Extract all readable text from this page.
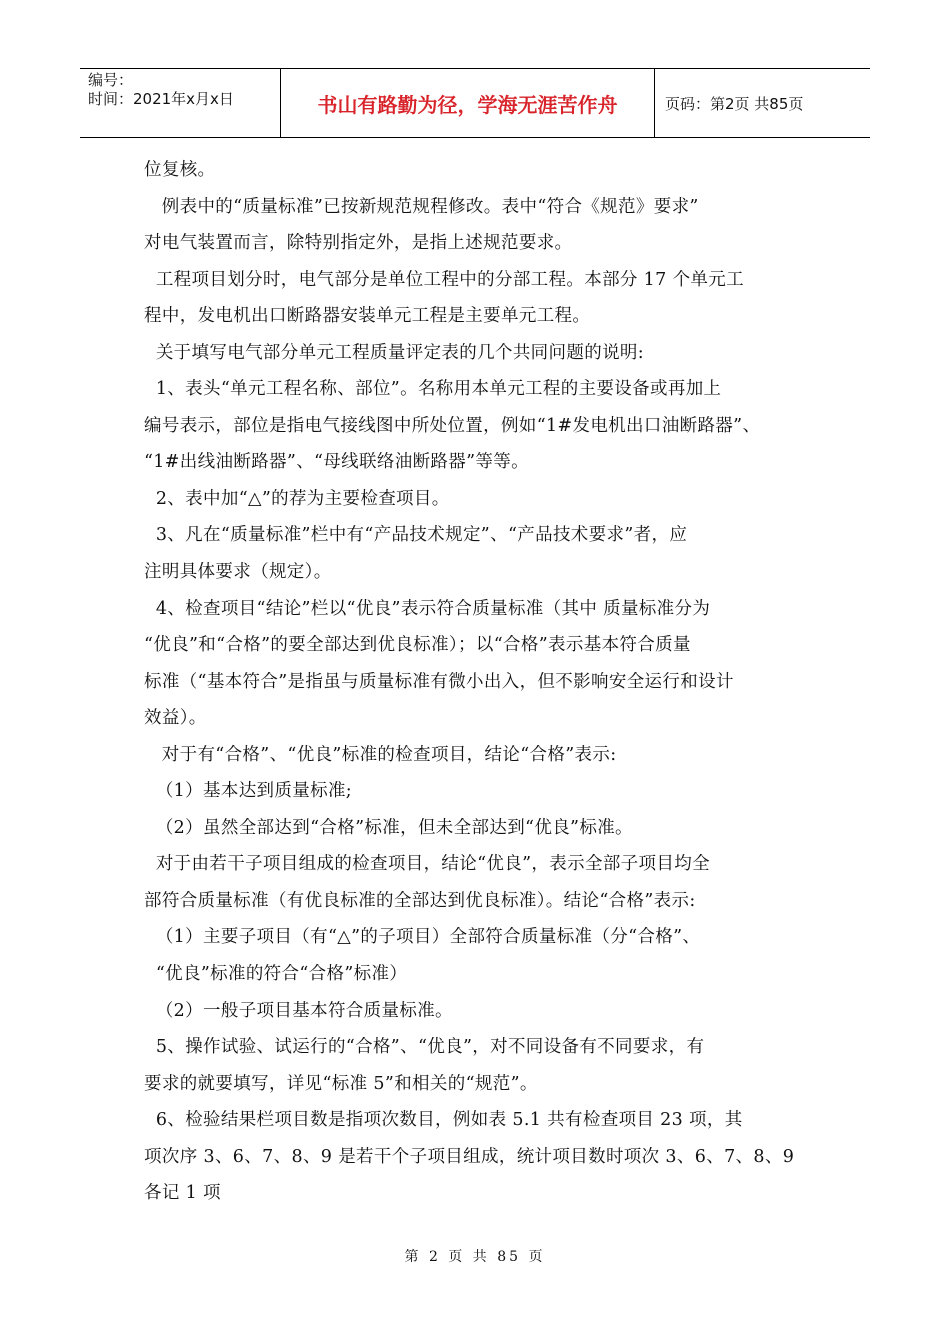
编号：
时间：2021年x月x日	书山有路勤为径，学海无涯苦作舟	页码：第2页 共85页
位复核。
例表中的“质量标准”已按新规范规程修改。表中“符合《规范》要求”
对电气装置而言，除特别指定外，是指上述规范要求。
工程项目划分时，电气部分是单位工程中的分部工程。本部分 17 个单元工
程中，发电机出口断路器安装单元工程是主要单元工程。
关于填写电气部分单元工程质量评定表的几个共同问题的说明:
1、表头“单元工程名称、部位”。名称用本单元工程的主要设备或再加上
编号表示，部位是指电气接线图中所处位置，例如“1#发电机出口油断路器”、
“1#出线油断路器”、“母线联络油断路器”等等。
2、表中加“△”的荐为主要检查项目。
3、凡在“质量标准”栏中有“产品技术规定”、“产品技术要求”者，应
注明具体要求（规定）。
4、检查项目“结论”栏以“优良”表示符合质量标准（其中 质量标准分为
“优良”和“合格”的要全部达到优良标准）；以“合格”表示基本符合质量
标准（“基本符合”是指虽与质量标准有微小出入，但不影响安全运行和设计
效益）。
对于有“合格”、“优良”标准的检查项目，结论“合格”表示:
（1）基本达到质量标准;
（2）虽然全部达到“合格”标准，但未全部达到“优良”标准。
对于由若干子项目组成的检查项目，结论“优良”，表示全部子项目均全
部符合质量标准（有优良标准的全部达到优良标准）。结论“合格”表示:
（1）主要子项目（有“△”的子项目）全部符合质量标准（分“合格”、
“优良”标准的符合“合格”标准）
（2）一般子项目基本符合质量标准。
5、操作试验、试运行的“合格”、“优良”，对不同设备有不同要求，有
要求的就要填写，详见“标准 5”和相关的“规范”。
6、检验结果栏项目数是指项次数目，例如表 5.1 共有检查项目 23 项，其
项次序 3、6、7、8、9 是若干个子项目组成，统计项目数时项次 3、6、7、8、9
各记 1 项
第 2 页 共 85 页
